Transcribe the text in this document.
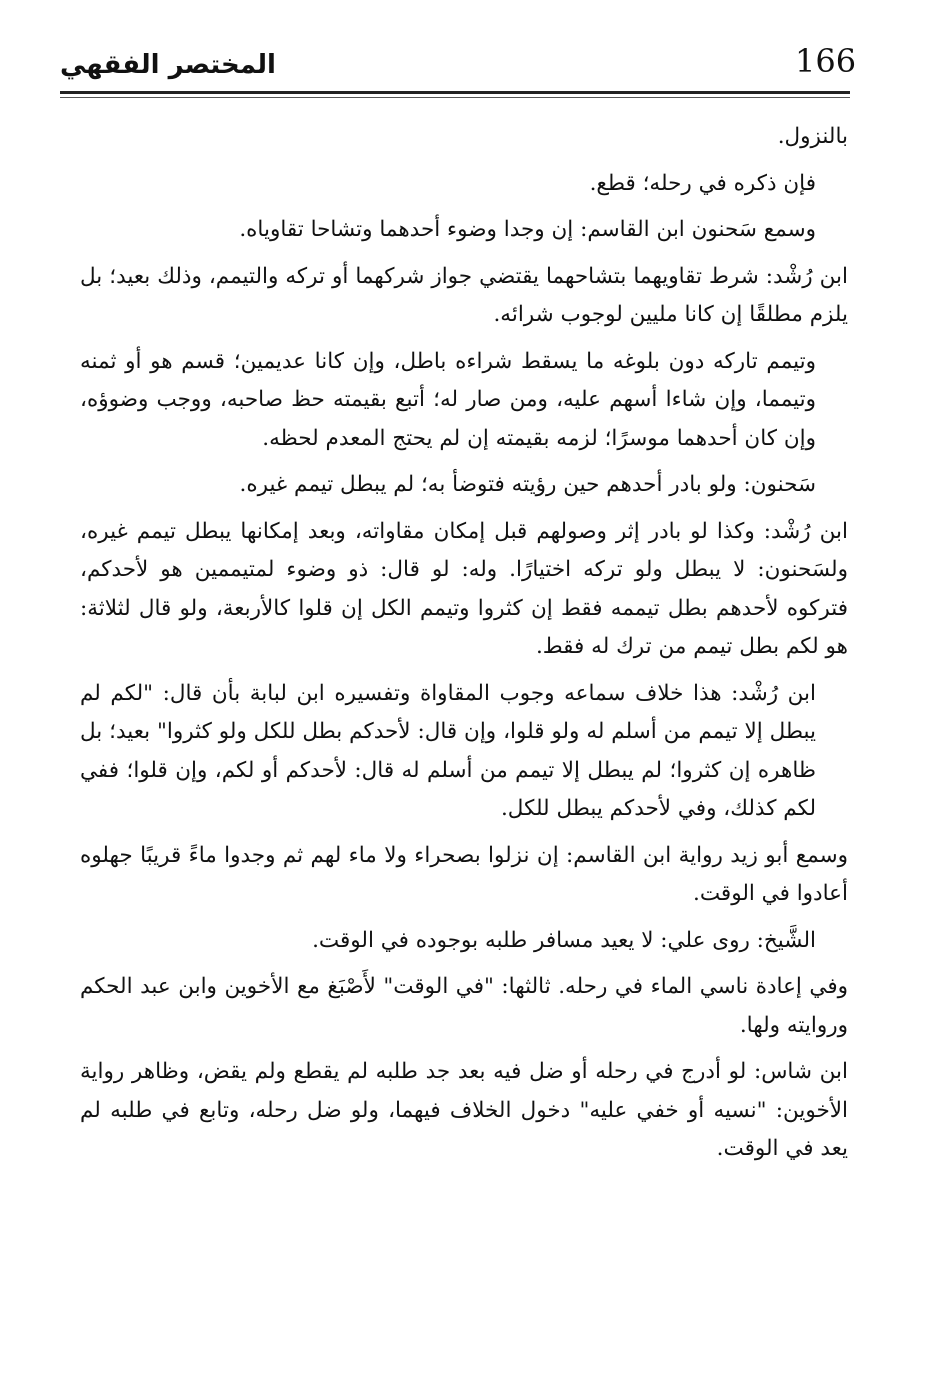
166
المختصر الفقهي

بالنزول.

فإن ذكره في رحله؛ قطع.

وسمع سَحنون ابن القاسم: إن وجدا وضوء أحدهما وتشاحا تقاوياه.

ابن رُشْد: شرط تقاويهما بتشاحهما يقتضي جواز شركهما أو تركه والتيمم، وذلك بعيد؛ بل يلزم مطلقًا إن كانا مليين لوجوب شرائه.

وتيمم تاركه دون بلوغه ما يسقط شراءه باطل، وإن كانا عديمين؛ قسم هو أو ثمنه وتيمما، وإن شاءا أسهم عليه، ومن صار له؛ أتبع بقيمته حظ صاحبه، ووجب وضوؤه، وإن كان أحدهما موسرًا؛ لزمه بقيمته إن لم يحتج المعدم لحظه.

سَحنون: ولو بادر أحدهم حين رؤيته فتوضأ به؛ لم يبطل تيمم غيره.

ابن رُشْد: وكذا لو بادر إثر وصولهم قبل إمكان مقاواته، وبعد إمكانها يبطل تيمم غيره، ولسَحنون: لا يبطل ولو تركه اختيارًا. وله: لو قال: ذو وضوء لمتيممين هو لأحدكم، فتركوه لأحدهم بطل تيممه فقط إن كثروا وتيمم الكل إن قلوا كالأربعة، ولو قال لثلاثة: هو لكم بطل تيمم من ترك له فقط.

ابن رُشْد: هذا خلاف سماعه وجوب المقاواة وتفسيره ابن لبابة بأن قال: "لكم لم يبطل إلا تيمم من أسلم له ولو قلوا، وإن قال: لأحدكم بطل للكل ولو كثروا" بعيد؛ بل ظاهره إن كثروا؛ لم يبطل إلا تيمم من أسلم له قال: لأحدكم أو لكم، وإن قلوا؛ ففي لكم كذلك، وفي لأحدكم يبطل للكل.

وسمع أبو زيد رواية ابن القاسم: إن نزلوا بصحراء ولا ماء لهم ثم وجدوا ماءً قريبًا جهلوه أعادوا في الوقت.

الشَّيخ: روى علي: لا يعيد مسافر طلبه بوجوده في الوقت.

وفي إعادة ناسي الماء في رحله. ثالثها: "في الوقت" لأَصْبَغ مع الأخوين وابن عبد الحكم وروايته ولها.

ابن شاس: لو أدرج في رحله أو ضل فيه بعد جد طلبه لم يقطع ولم يقض، وظاهر رواية الأخوين: "نسيه أو خفي عليه" دخول الخلاف فيهما، ولو ضل رحله، وتابع في طلبه لم يعد في الوقت.
